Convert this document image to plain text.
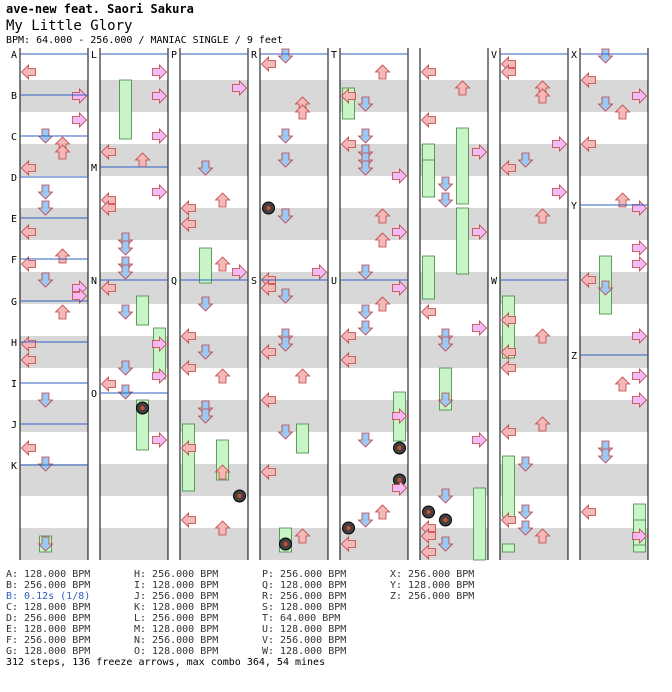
ave-new feat. Saori Sakura
My Little Glory
BPM: 64.000 - 256.000 / MANIAC SINGLE / 9 feet
A
B
C
D
E
F
G
H
I
J
K
L
M
N
O
P
Q
R
S
T
U
V
W
X
Y
Z
A: 128.000 BPM
B: 256.000 BPM
B: 0.12s (1/8)
C: 128.000 BPM
D: 256.000 BPM
E: 128.000 BPM
F: 256.000 BPM
G: 128.000 BPM
H: 256.000 BPM
I: 128.000 BPM
J: 256.000 BPM
K: 128.000 BPM
L: 256.000 BPM
M: 128.000 BPM
N: 256.000 BPM
O: 128.000 BPM
P: 256.000 BPM
Q: 128.000 BPM
R: 256.000 BPM
S: 128.000 BPM
T: 64.000 BPM
U: 128.000 BPM
V: 256.000 BPM
W: 128.000 BPM
X: 256.000 BPM
Y: 128.000 BPM
Z: 256.000 BPM
312 steps, 136 freeze arrows, max combo 364, 54 mines
